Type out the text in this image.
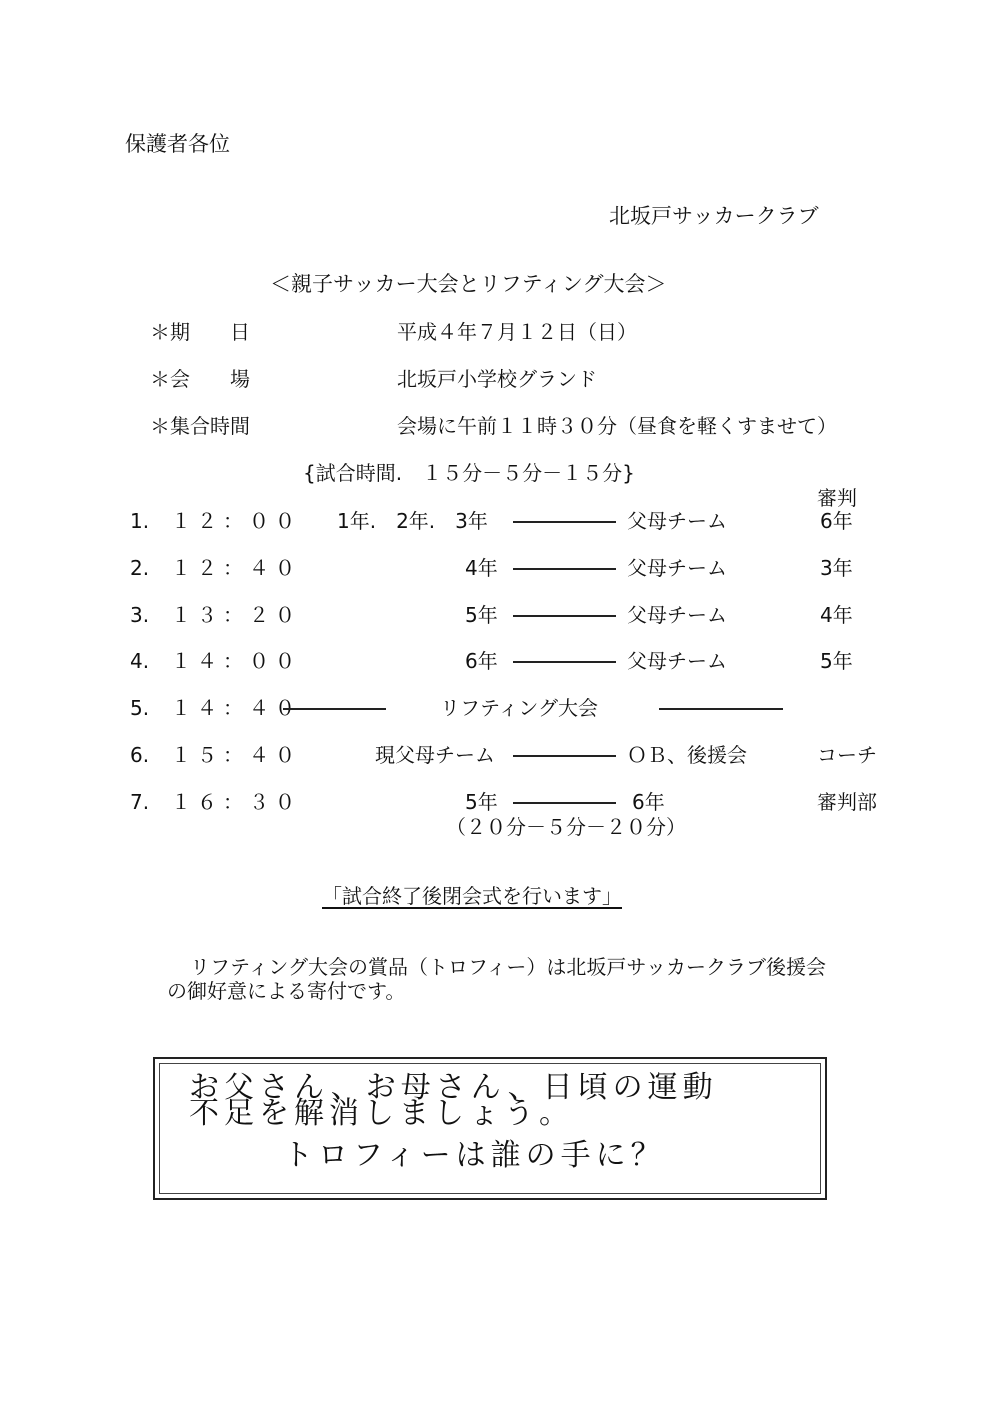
保護者各位
北坂戸サッカークラブ
＜親子サッカー大会とリフティング大会＞
＊期　　日	平成４年７月１２日（日）
＊会　　場	北坂戸小学校グランド
＊集合時間	会場に午前１１時３０分（昼食を軽くすませて）
{試合時間.　１５分－５分－１５分}
審判
1. １２：００ 1年.　2年.　3年	父母チーム	6年
2. １２：４０	4年	父母チーム	3年
3. １３：２０	5年	父母チーム	4年
4. １４：００	6年	父母チーム	5年
5. １４：４０	リフティング大会
6. １５：４０	現父母チーム	ＯＢ、後援会	コーチ
7. １６：３０	5年	6年	審判部
（２０分－５分－２０分）
「試合終了後閉会式を行います」
リフティング大会の賞品（トロフィー）は北坂戸サッカークラブ後援会
の御好意による寄付です。
お父さん、お母さん、日頃の運動
不足を解消しましょう。
トロフィーは誰の手に？
